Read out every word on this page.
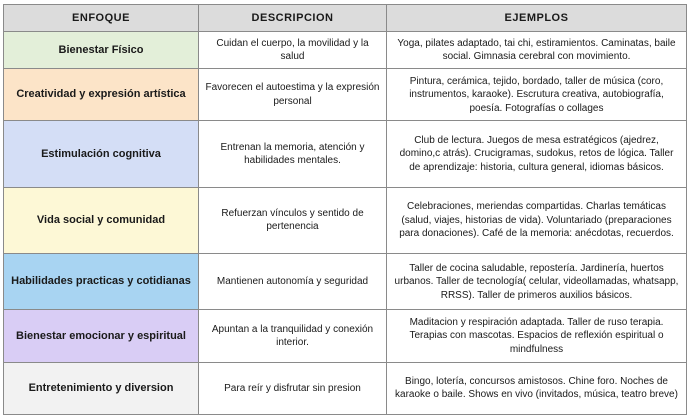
ENFOQUE	DESCRIPCION	EJEMPLOS
Bienestar Físico	Cuidan el cuerpo, la movilidad y la salud	Yoga, pilates adaptado, tai chi, estiramientos. Caminatas, baile social. Gimnasia cerebral con movimiento.
Creatividad y expresión artística	Favorecen el autoestima y la expresión personal	Pintura, cerámica, tejido, bordado, taller de música (coro, instrumentos, karaoke). Escrutura creativa, autobiografía, poesía. Fotografías o collages
Estimulación cognitiva	Entrenan la memoria, atención y habilidades mentales.	Club de lectura. Juegos de mesa estratégicos (ajedrez, domino,c atrás). Crucigramas, sudokus, retos de lógica. Taller de aprendizaje: historia, cultura general, idiomas básicos.
Vida social y comunidad	Refuerzan vínculos y sentido de pertenencia	Celebraciones, meriendas compartidas. Charlas temáticas (salud, viajes, historias de vida). Voluntariado (preparaciones para donaciones). Café de la memoria: anécdotas, recuerdos.
Habilidades practicas y cotidianas	Mantienen autonomía y seguridad	Taller de cocina saludable, repostería. Jardinería, huertos urbanos. Taller de tecnología( celular, videollamadas, whatsapp, RRSS). Taller de primeros auxilios básicos.
Bienestar emocionar y espiritual	Apuntan a la tranquilidad y conexión interior.	Maditacion y respiración adaptada. Taller de ruso terapia. Terapias con mascotas. Espacios de reflexión espiritual o mindfulness
Entretenimiento y diversion	Para reír y disfrutar sin presion	Bingo, lotería, concursos amistosos. Chine foro. Noches de karaoke o baile. Shows en vivo (invitados, música, teatro breve)
